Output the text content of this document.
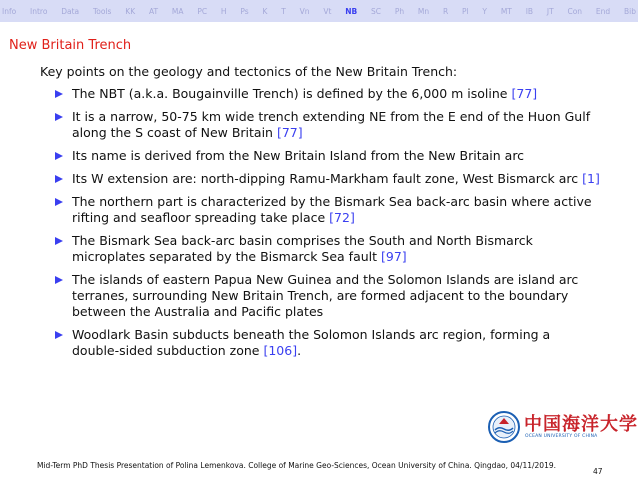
Info Intro Data Tools KK AT MA PC H Ps K T Vn Vt NB SC Ph Mn R Pl Y MT IB JT Con End Bib
New Britain Trench

Key points on the geology and tectonics of the New Britain Trench:

The NBT (a.k.a. Bougainville Trench) is defined by the 6,000 m isoline [77]
It is a narrow, 50-75 km wide trench extending NE from the E end of the Huon Gulf along the S coast of New Britain [77]
Its name is derived from the New Britain Island from the New Britain arc
Its W extension are: north-dipping Ramu-Markham fault zone, West Bismarck arc [1]
The northern part is characterized by the Bismark Sea back-arc basin where active rifting and seafloor spreading take place [72]
The Bismark Sea back-arc basin comprises the South and North Bismarck microplates separated by the Bismarck Sea fault [97]
The islands of eastern Papua New Guinea and the Solomon Islands are island arc terranes, surrounding New Britain Trench, are formed adjacent to the boundary between the Australia and Pacific plates
Woodlark Basin subducts beneath the Solomon Islands arc region, forming a double-sided subduction zone [106].
中国海洋大学
OCEAN UNIVERSITY OF CHINA
Mid-Term PhD Thesis Presentation of Polina Lemenkova. College of Marine Geo-Sciences, Ocean University of China. Qingdao, 04/11/2019.
47
